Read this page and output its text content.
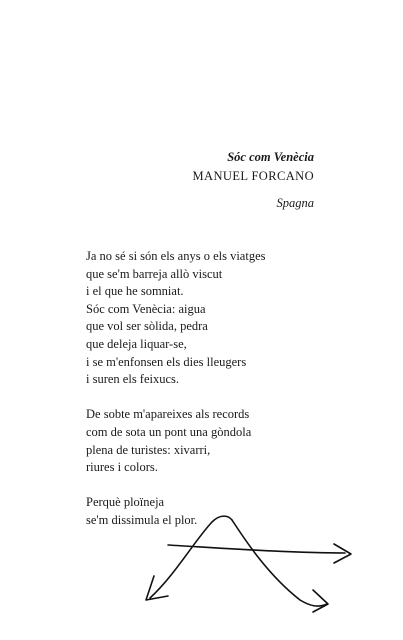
Sóc com Venècia
MANUEL FORCANO
Spagna
Ja no sé si són els anys o els viatges
que se'm barreja allò viscut
i el que he somniat.
Sóc com Venècia: aigua
que vol ser sòlida, pedra
que deleja liquar-se,
i se m'enfonsen els dies lleugers
i suren els feixucs.
De sobte m'apareixes als records
com de sota un pont una gòndola
plena de turistes: xivarri,
riures i colors.
Perquè ploïneja
se'm dissimula el plor.
